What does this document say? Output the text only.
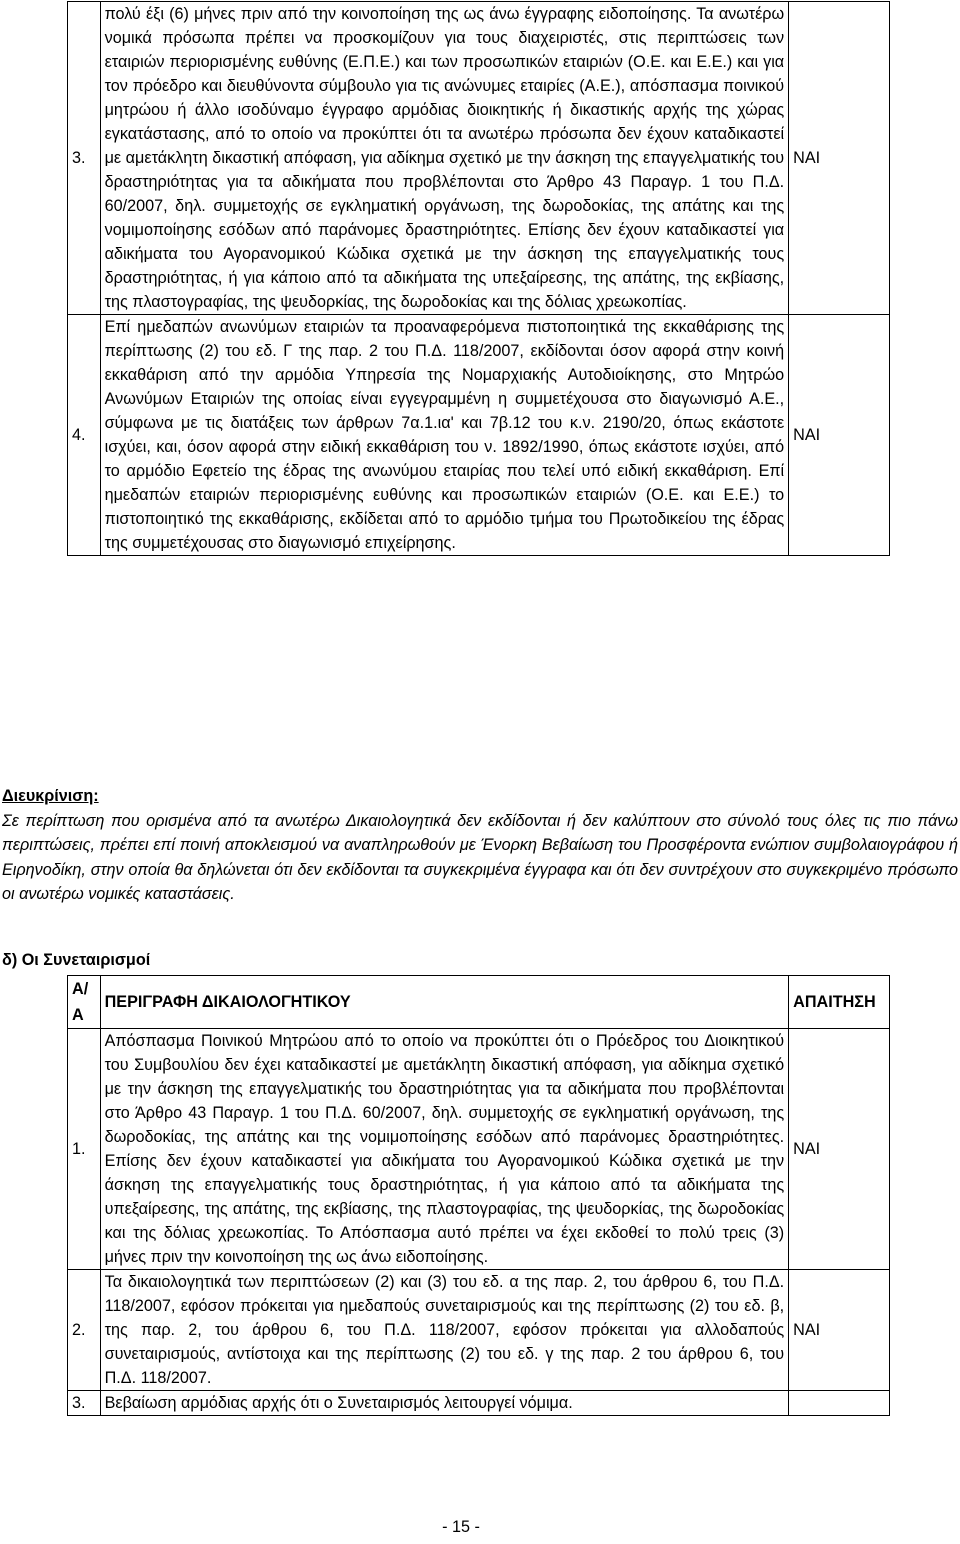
3.	πολύ έξι (6) μήνες πριν από την κοινοποίηση της ως άνω έγγραφης ειδοποίησης. Τα ανωτέρω νομικά πρόσωπα πρέπει να προσκομίζουν για τους διαχειριστές, στις περιπτώσεις των εταιριών περιορισμένης ευθύνης (Ε.Π.Ε.) και των προσωπικών εταιριών (Ο.Ε. και Ε.Ε.) και για τον πρόεδρο και διευθύνοντα σύμβουλο για τις ανώνυμες εταιρίες (Α.Ε.), απόσπασμα ποινικού μητρώου ή άλλο ισοδύναμο έγγραφο αρμόδιας διοικητικής ή δικαστικής αρχής της χώρας εγκατάστασης, από το οποίο να προκύπτει ότι τα ανωτέρω πρόσωπα δεν έχουν καταδικαστεί με αμετάκλητη δικαστική απόφαση, για αδίκημα σχετικό με την άσκηση της επαγγελματικής του δραστηριότητας για τα αδικήματα που προβλέπονται στο Άρθρο 43 Παραγρ. 1 του Π.Δ. 60/2007, δηλ. συμμετοχής σε εγκληματική οργάνωση, της δωροδοκίας, της απάτης και της νομιμοποίησης εσόδων από παράνομες δραστηριότητες. Επίσης δεν έχουν καταδικαστεί για αδικήματα του Αγορανομικού Κώδικα σχετικά με την άσκηση της επαγγελματικής τους δραστηριότητας, ή για κάποιο από τα αδικήματα της υπεξαίρεσης, της απάτης, της εκβίασης, της πλαστογραφίας, της ψευδορκίας, της δωροδοκίας και της δόλιας χρεωκοπίας.	ΝΑΙ
4.	Επί ημεδαπών ανωνύμων εταιριών τα προαναφερόμενα πιστοποιητικά της εκκαθάρισης της περίπτωσης (2) του εδ. Γ της παρ. 2 του Π.Δ. 118/2007, εκδίδονται όσον αφορά στην κοινή εκκαθάριση από την αρμόδια Υπηρεσία της Νομαρχιακής Αυτοδιοίκησης, στο Μητρώο Ανωνύμων Εταιριών της οποίας είναι εγγεγραμμένη η συμμετέχουσα στο διαγωνισμό Α.Ε., σύμφωνα με τις διατάξεις των άρθρων 7α.1.ια' και 7β.12 του κ.ν. 2190/20, όπως εκάστοτε ισχύει, και, όσον αφορά στην ειδική εκκαθάριση του ν. 1892/1990, όπως εκάστοτε ισχύει, από το αρμόδιο Εφετείο της έδρας της ανωνύμου εταιρίας που τελεί υπό ειδική εκκαθάριση. Επί ημεδαπών εταιριών περιορισμένης ευθύνης και προσωπικών εταιριών (Ο.Ε. και Ε.Ε.) το πιστοποιητικό της εκκαθάρισης, εκδίδεται από το αρμόδιο τμήμα του Πρωτοδικείου της έδρας της συμμετέχουσας στο διαγωνισμό επιχείρησης.	ΝΑΙ
Διευκρίνιση:
Σε περίπτωση που ορισμένα από τα ανωτέρω Δικαιολογητικά δεν εκδίδονται ή δεν καλύπτουν στο σύνολό τους όλες τις πιο πάνω περιπτώσεις, πρέπει επί ποινή αποκλεισμού να αναπληρωθούν με Ένορκη Βεβαίωση του Προσφέροντα ενώπιον συμβολαιογράφου ή Ειρηνοδίκη, στην οποία θα δηλώνεται ότι δεν εκδίδονται τα συγκεκριμένα έγγραφα και ότι δεν συντρέχουν στο συγκεκριμένο πρόσωπο οι ανωτέρω νομικές καταστάσεις.
δ) Οι Συνεταιρισμοί
Α/Α	ΠΕΡΙΓΡΑΦΗ ΔΙΚΑΙΟΛΟΓΗΤΙΚΟΥ	ΑΠΑΙΤΗΣΗ
1.	Απόσπασμα Ποινικού Μητρώου από το οποίο να προκύπτει ότι ο Πρόεδρος του Διοικητικού του Συμβουλίου δεν έχει καταδικαστεί με αμετάκλητη δικαστική απόφαση, για αδίκημα σχετικό με την άσκηση της επαγγελματικής του δραστηριότητας για τα αδικήματα που προβλέπονται στο Άρθρο 43 Παραγρ. 1 του Π.Δ. 60/2007, δηλ. συμμετοχής σε εγκληματική οργάνωση, της δωροδοκίας, της απάτης και της νομιμοποίησης εσόδων από παράνομες δραστηριότητες. Επίσης δεν έχουν καταδικαστεί για αδικήματα του Αγορανομικού Κώδικα σχετικά με την άσκηση της επαγγελματικής τους δραστηριότητας, ή για κάποιο από τα αδικήματα της υπεξαίρεσης, της απάτης, της εκβίασης, της πλαστογραφίας, της ψευδορκίας, της δωροδοκίας και της δόλιας χρεωκοπίας. Το Απόσπασμα αυτό πρέπει να έχει εκδοθεί το πολύ τρεις (3) μήνες πριν την κοινοποίηση της ως άνω ειδοποίησης.	ΝΑΙ
2.	Τα δικαιολογητικά των περιπτώσεων (2) και (3) του εδ. α της παρ. 2, του άρθρου 6, του Π.Δ. 118/2007, εφόσον πρόκειται για ημεδαπούς συνεταιρισμούς και της περίπτωσης (2) του εδ. β, της παρ. 2, του άρθρου 6, του Π.Δ. 118/2007, εφόσον πρόκειται για αλλοδαπούς συνεταιρισμούς, αντίστοιχα και της περίπτωσης (2) του εδ. γ της παρ. 2 του άρθρου 6, του Π.Δ. 118/2007.	ΝΑΙ
3.	Βεβαίωση αρμόδιας αρχής ότι ο Συνεταιρισμός λειτουργεί νόμιμα.	
- 15 -
